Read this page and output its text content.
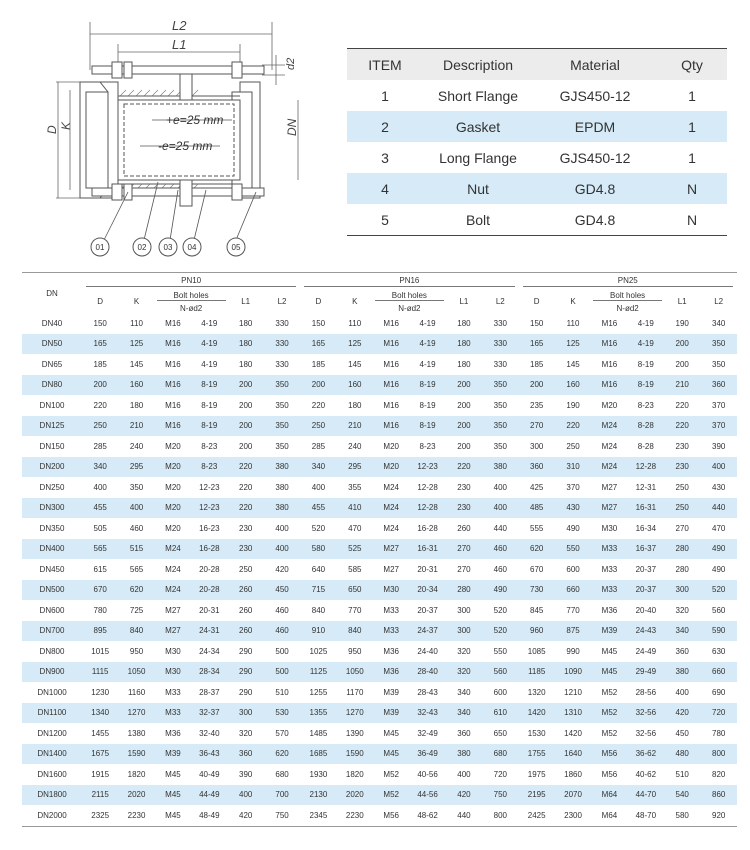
L2
L1
d2
D K	DN
+e=25 mm
-e=25 mm
01	02 03 04	05
ITEM	Description	Material	Qty
1	Short Flange	GJS450-12	1
2	Gasket	EPDM	1
3	Long Flange	GJS450-12	1
4	Nut	GD4.8	N
5	Bolt	GD4.8	N
DN	PN10						PN16						PN25					

	D	K	Bolt holes		L1	L2	D	K	Bolt holes		L1	L2	D	K	Bolt holes		L1	L2
			N-ød2						N-ød2						N-ød2			
DN40	150	110	M16	4-19	180	330	150	110	M16	4-19	180	330	150	110	M16	4-19	190	340
DN50	165	125	M16	4-19	180	330	165	125	M16	4-19	180	330	165	125	M16	4-19	200	350
DN65	185	145	M16	4-19	180	330	185	145	M16	4-19	180	330	185	145	M16	8-19	200	350
DN80	200	160	M16	8-19	200	350	200	160	M16	8-19	200	350	200	160	M16	8-19	210	360
DN100	220	180	M16	8-19	200	350	220	180	M16	8-19	200	350	235	190	M20	8-23	220	370
DN125	250	210	M16	8-19	200	350	250	210	M16	8-19	200	350	270	220	M24	8-28	220	370
DN150	285	240	M20	8-23	200	350	285	240	M20	8-23	200	350	300	250	M24	8-28	230	390
DN200	340	295	M20	8-23	220	380	340	295	M20	12-23	220	380	360	310	M24	12-28	230	400
DN250	400	350	M20	12-23	220	380	400	355	M24	12-28	230	400	425	370	M27	12-31	250	430
DN300	455	400	M20	12-23	220	380	455	410	M24	12-28	230	400	485	430	M27	16-31	250	440
DN350	505	460	M20	16-23	230	400	520	470	M24	16-28	260	440	555	490	M30	16-34	270	470
DN400	565	515	M24	16-28	230	400	580	525	M27	16-31	270	460	620	550	M33	16-37	280	490
DN450	615	565	M24	20-28	250	420	640	585	M27	20-31	270	460	670	600	M33	20-37	280	490
DN500	670	620	M24	20-28	260	450	715	650	M30	20-34	280	490	730	660	M33	20-37	300	520
DN600	780	725	M27	20-31	260	460	840	770	M33	20-37	300	520	845	770	M36	20-40	320	560
DN700	895	840	M27	24-31	260	460	910	840	M33	24-37	300	520	960	875	M39	24-43	340	590
DN800	1015	950	M30	24-34	290	500	1025	950	M36	24-40	320	550	1085	990	M45	24-49	360	630
DN900	1115	1050	M30	28-34	290	500	1125	1050	M36	28-40	320	560	1185	1090	M45	29-49	380	660
DN1000	1230	1160	M33	28-37	290	510	1255	1170	M39	28-43	340	600	1320	1210	M52	28-56	400	690
DN1100	1340	1270	M33	32-37	300	530	1355	1270	M39	32-43	340	610	1420	1310	M52	32-56	420	720
DN1200	1455	1380	M36	32-40	320	570	1485	1390	M45	32-49	360	650	1530	1420	M52	32-56	450	780
DN1400	1675	1590	M39	36-43	360	620	1685	1590	M45	36-49	380	680	1755	1640	M56	36-62	480	800
DN1600	1915	1820	M45	40-49	390	680	1930	1820	M52	40-56	400	720	1975	1860	M56	40-62	510	820
DN1800	2115	2020	M45	44-49	400	700	2130	2020	M52	44-56	420	750	2195	2070	M64	44-70	540	860
DN2000	2325	2230	M45	48-49	420	750	2345	2230	M56	48-62	440	800	2425	2300	M64	48-70	580	920
